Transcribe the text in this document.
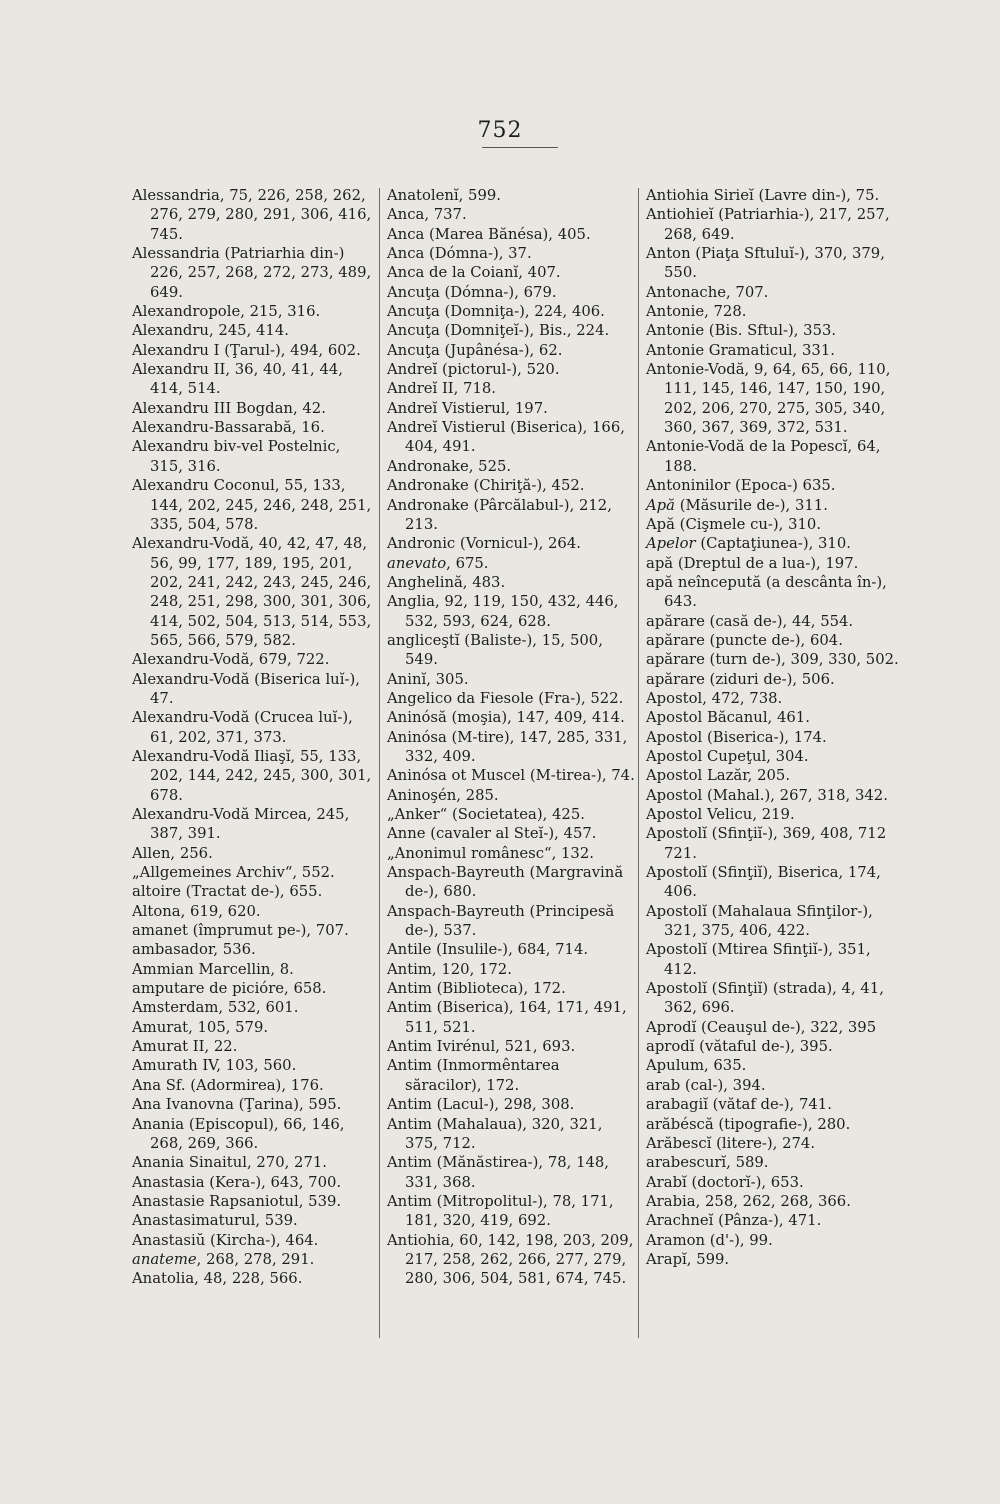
752

Alessandria, 75, 226, 258, 262, 276, 279, 280, 291, 306, 416, 745.

Alessandria (Patriarhia din-) 226, 257, 268, 272, 273, 489, 649.

Alexandropole, 215, 316.

Alexandru, 245, 414.

Alexandru I (Ţarul-), 494, 602.

Alexandru II, 36, 40, 41, 44, 414, 514.

Alexandru III Bogdan, 42.

Alexandru-Bassarabă, 16.

Alexandru biv-vel Postelnic, 315, 316.

Alexandru Coconul, 55, 133, 144, 202, 245, 246, 248, 251, 335, 504, 578.

Alexandru-Vodă, 40, 42, 47, 48, 56, 99, 177, 189, 195, 201, 202, 241, 242, 243, 245, 246, 248, 251, 298, 300, 301, 306, 414, 502, 504, 513, 514, 553, 565, 566, 579, 582.

Alexandru-Vodă, 679, 722.

Alexandru-Vodă (Biserica luĭ-), 47.

Alexandru-Vodă (Crucea luĭ-), 61, 202, 371, 373.

Alexandru-Vodă Iliaşĭ, 55, 133, 202, 144, 242, 245, 300, 301, 678.

Alexandru-Vodă Mircea, 245, 387, 391.

Allen, 256.

„Allgemeines Archiv“, 552.

altoire (Tractat de-), 655.

Altona, 619, 620.

amanet (împrumut pe-), 707.

ambasador, 536.

Ammian Marcellin, 8.

amputare de picióre, 658.

Amsterdam, 532, 601.

Amurat, 105, 579.

Amurat II, 22.

Amurath IV, 103, 560.

Ana Sf. (Adormirea), 176.

Ana Ivanovna (Ţarina), 595.

Anania (Episcopul), 66, 146, 268, 269, 366.

Anania Sinaitul, 270, 271.

Anastasia (Kera-), 643, 700.

Anastasie Rapsaniotul, 539.

Anastasimaturul, 539.

Anastasiŭ (Kircha-), 464.

anateme, 268, 278, 291.

Anatolia, 48, 228, 566.

Anatolenĭ, 599.

Anca, 737.

Anca (Marea Bănésa), 405.

Anca (Dómna-), 37.

Anca de la Coianĭ, 407.

Ancuţa (Dómna-), 679.

Ancuţa (Domniţa-), 224, 406.

Ancuţa (Domniţeĭ-), Bis., 224.

Ancuţa (Jupânésa-), 62.

Andreĭ (pictorul-), 520.

Andreĭ II, 718.

Andreĭ Vistierul, 197.

Andreĭ Vistierul (Biserica), 166, 404, 491.

Andronake, 525.

Andronake (Chiriţă-), 452.

Andronake (Pârcălabul-), 212, 213.

Andronic (Vornicul-), 264.

anevato, 675.

Anghelină, 483.

Anglia, 92, 119, 150, 432, 446, 532, 593, 624, 628.

angliceştĭ (Baliste-), 15, 500, 549.

Aninĭ, 305.

Angelico da Fiesole (Fra-), 522.

Aninósă (moşia), 147, 409, 414.

Aninósa (M-tire), 147, 285, 331, 332, 409.

Aninósa ot Muscel (M-tirea-), 74.

Aninoşén, 285.

„Anker“ (Societatea), 425.

Anne (cavaler al Steĭ-), 457.

„Anonimul românesc“, 132.

Anspach-Bayreuth (Margravină de-), 680.

Anspach-Bayreuth (Principesă de-), 537.

Antile (Insulile-), 684, 714.

Antim, 120, 172.

Antim (Biblioteca), 172.

Antim (Biserica), 164, 171, 491, 511, 521.

Antim Ivirénul, 521, 693.

Antim (Inmormêntarea săracilor), 172.

Antim (Lacul-), 298, 308.

Antim (Mahalaua), 320, 321, 375, 712.

Antim (Mănăstirea-), 78, 148, 331, 368.

Antim (Mitropolitul-), 78, 171, 181, 320, 419, 692.

Antiohia, 60, 142, 198, 203, 209, 217, 258, 262, 266, 277, 279, 280, 306, 504, 581, 674, 745.

Antiohia Sirieĭ (Lavre din-), 75.

Antiohieĭ (Patriarhia-), 217, 257, 268, 649.

Anton (Piaţa Sftuluĭ-), 370, 379, 550.

Antonache, 707.

Antonie, 728.

Antonie (Bis. Sftul-), 353.

Antonie Gramaticul, 331.

Antonie-Vodă, 9, 64, 65, 66, 110, 111, 145, 146, 147, 150, 190, 202, 206, 270, 275, 305, 340, 360, 367, 369, 372, 531.

Antonie-Vodă de la Popescĭ, 64, 188.

Antoninilor (Epoca-) 635.

Apă (Măsurile de-), 311.

Apă (Cişmele cu-), 310.

Apelor (Captaţiunea-), 310.

apă (Dreptul de a lua-), 197.

apă neîncepută (a descânta în-), 643.

apărare (casă de-), 44, 554.

apărare (puncte de-), 604.

apărare (turn de-), 309, 330, 502.

apărare (ziduri de-), 506.

Apostol, 472, 738.

Apostol Băcanul, 461.

Apostol (Biserica-), 174.

Apostol Cupeţul, 304.

Apostol Lazăr, 205.

Apostol (Mahal.), 267, 318, 342.

Apostol Velicu, 219.

Apostolĭ (Sfinţiĭ-), 369, 408, 712 721.

Apostolĭ (Sfinţiĭ), Biserica, 174, 406.

Apostolĭ (Mahalaua Sfinţilor-), 321, 375, 406, 422.

Apostolĭ (Mtirea Sfinţiĭ-), 351, 412.

Apostolĭ (Sfinţiĭ) (strada), 4, 41, 362, 696.

Aprodĭ (Ceauşul de-), 322, 395

aprodĭ (vătaful de-), 395.

Apulum, 635.

arab (cal-), 394.

arabagiĭ (vătaf de-), 741.

arăbéscă (tipografie-), 280.

Arăbescĭ (litere-), 274.

arabescurĭ, 589.

Arabĭ (doctorĭ-), 653.

Arabia, 258, 262, 268, 366.

Arachneĭ (Pânza-), 471.

Aramon (d'-), 99.

Arapĭ, 599.
